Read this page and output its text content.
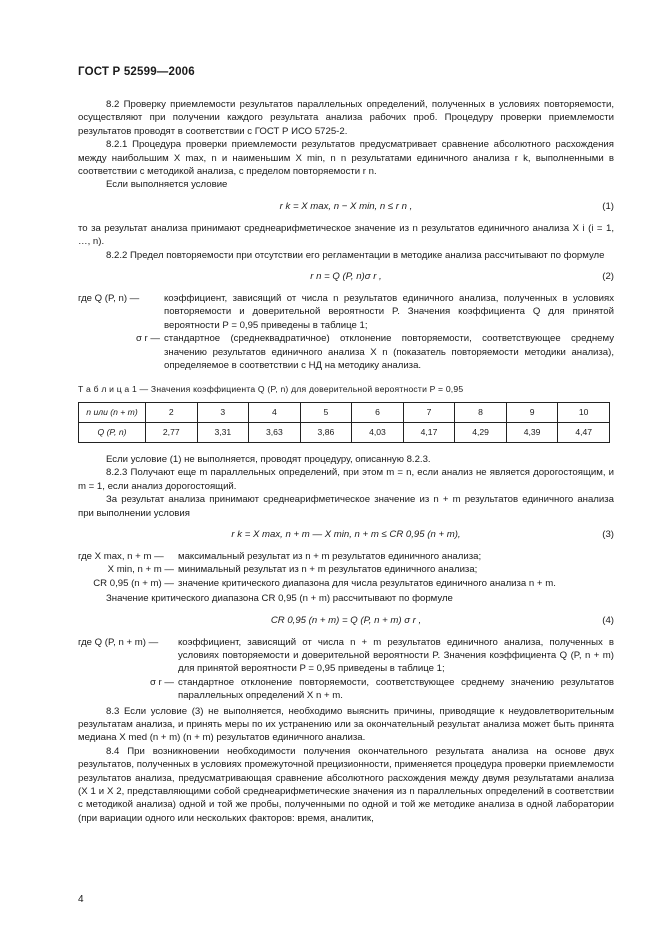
ГОСТ Р 52599—2006

8.2 Проверку приемлемости результатов параллельных определений, полученных в условиях повторяемости, осуществляют при получении каждого результата анализа рабочих проб. Процедуру проверки приемлемости результатов проводят в соответствии с ГОСТ Р ИСО 5725-2.

8.2.1 Процедура проверки приемлемости результатов предусматривает сравнение абсолютного расхождения между наибольшим X max, n и наименьшим X min, n n результатами единичного анализа r k, выполненными в соответствии с методикой анализа, с пределом повторяемости r n.

Если выполняется условие

r k = X max, n − X min, n ≤ r n ,	(1)

то за результат анализа принимают среднеарифметическое значение из n результатов единичного анализа X i (i = 1, …, n).

8.2.2 Предел повторяемости при отсутствии его регламентации в методике анализа рассчитывают по формуле

r n = Q (P, n)σ r ,	(2)
где Q (P, n) —	коэффициент, зависящий от числа n результатов единичного анализа, полученных в условиях повторяемости и доверительной вероятности P. Значения коэффициента Q для принятой вероятности P = 0,95 приведены в таблице 1;
σ r — стандартное (среднеквадратичное) отклонение повторяемости, соответствующее среднему значению результатов единичного анализа X n (показатель повторяемости методики анализа), определяемое в соответствии с НД на методику анализа.
Т а б л и ц а 1 — Значения коэффициента Q (P, n) для доверительной вероятности P = 0,95
n или (n + m)	2	3	4	5	6	7	8	9	10
Q (P, n)	2,77	3,31	3,63	3,86	4,03	4,17	4,29	4,39	4,47

Если условие (1) не выполняется, проводят процедуру, описанную 8.2.3.

8.2.3 Получают еще m параллельных определений, при этом m = n, если анализ не является дорогостоящим, и m = 1, если анализ дорогостоящий.

За результат анализа принимают среднеарифметическое значение из n + m результатов единичного анализа при выполнении условия

r k = X max, n + m — X min, n + m ≤ CR 0,95 (n + m),	(3)
где X max, n + m —	максимальный результат из n + m результатов единичного анализа;
X min, n + m — минимальный результат из n + m результатов единичного анализа;
CR 0,95 (n + m) — значение критического диапазона для числа результатов единичного анализа n + m.

Значение критического диапазона CR 0,95 (n + m) рассчитывают по формуле

CR 0,95 (n + m) = Q (P, n + m) σ r ,	(4)
где Q (P, n + m) —	коэффициент, зависящий от числа n + m результатов единичного анализа, полученных в условиях повторяемости и доверительной вероятности P. Значения коэффициента Q (P, n + m) для принятой вероятности P = 0,95 приведены в таблице 1;
σ r — стандартное отклонение повторяемости, соответствующее среднему значению результатов параллельных определений X n + m.

8.3 Если условие (3) не выполняется, необходимо выяснить причины, приводящие к неудовлетворительным результатам анализа, и принять меры по их устранению или за окончательный результат анализа может быть принята медиана X med (n + m) (n + m) результатов единичного анализа.

8.4 При возникновении необходимости получения окончательного результата анализа на основе двух результатов, полученных в условиях промежуточной прецизионности, применяется процедура проверки приемлемости результатов анализа, предусматривающая сравнение абсолютного расхождения между двумя результатами анализа (X 1 и X 2, представляющими собой среднеарифметические значения из n параллельных определений в соответствии с методикой анализа) одной и той же пробы, полученными по одной и той же методике анализа в одной лаборатории (при вариации одного или нескольких факторов: время, аналитик,

4
